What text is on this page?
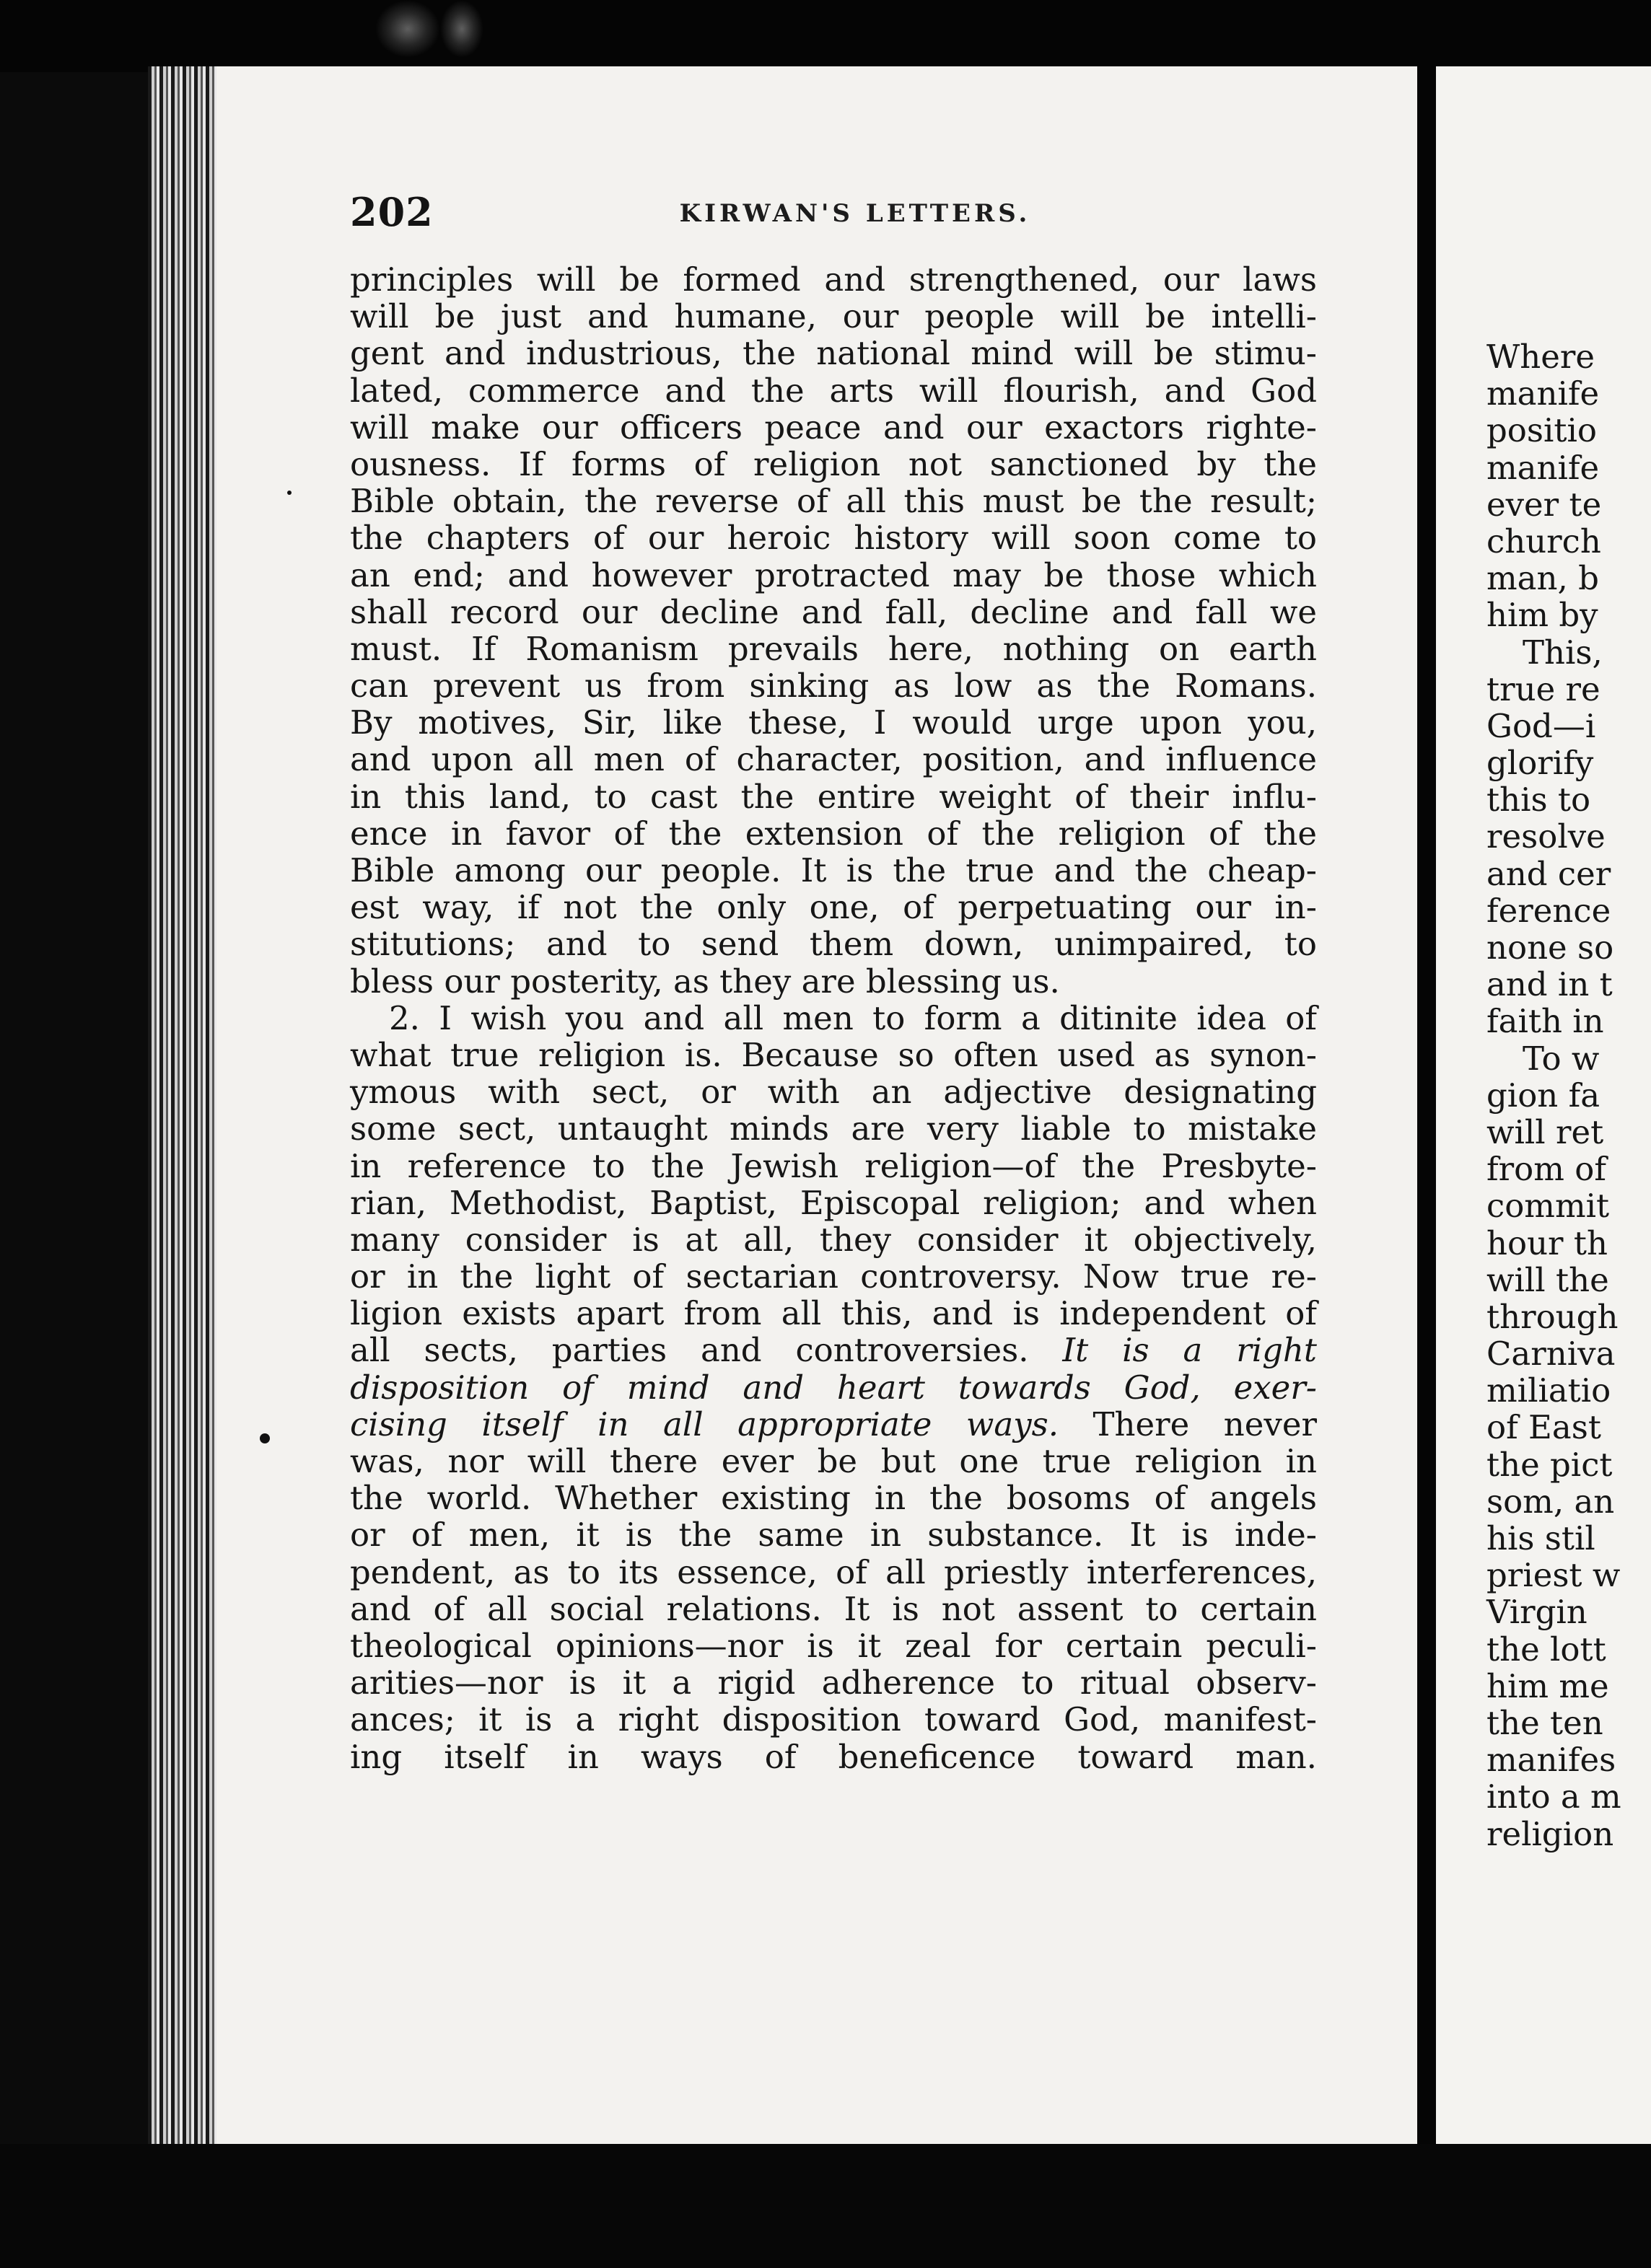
Where
manife
positio
manife
ever te
church
man, b
him by
This,
true re
God—i
glorify
this to
resolve
and cer
ference
none so
and in t
faith in
To w
gion fa
will ret
from of
commit
hour th
will the
through
Carniva
miliatio
of East
the pict
som, an
his stil
priest w
Virgin
the lott
him me
the ten
manifes
into a m
religion
202	KIRWAN'S LETTERS.
principles will be formed and strengthened, our laws
will be just and humane, our people will be intelli-
gent and industrious, the national mind will be stimu-
lated, commerce and the arts will flourish, and God
will make our officers peace and our exactors righte-
ousness. If forms of religion not sanctioned by the
Bible obtain, the reverse of all this must be the result;
the chapters of our heroic history will soon come to
an end; and however protracted may be those which
shall record our decline and fall, decline and fall we
must. If Romanism prevails here, nothing on earth
can prevent us from sinking as low as the Romans.
By motives, Sir, like these, I would urge upon you,
and upon all men of character, position, and influence
in this land, to cast the entire weight of their influ-
ence in favor of the extension of the religion of the
Bible among our people. It is the true and the cheap-
est way, if not the only one, of perpetuating our in-
stitutions; and to send them down, unimpaired, to
bless our posterity, as they are blessing us.
2. I wish you and all men to form a ditinite idea of
what true religion is. Because so often used as synon-
ymous with sect, or with an adjective designating
some sect, untaught minds are very liable to mistake
in reference to the Jewish religion—of the Presbyte-
rian, Methodist, Baptist, Episcopal religion; and when
many consider is at all, they consider it objectively,
or in the light of sectarian controversy. Now true re-
ligion exists apart from all this, and is independent of
all sects, parties and controversies. It is a right
disposition of mind and heart towards God, exer-
cising itself in all appropriate ways. There never
was, nor will there ever be but one true religion in
the world. Whether existing in the bosoms of angels
or of men, it is the same in substance. It is inde-
pendent, as to its essence, of all priestly interferences,
and of all social relations. It is not assent to certain
theological opinions—nor is it zeal for certain peculi-
arities—nor is it a rigid adherence to ritual observ-
ances; it is a right disposition toward God, manifest-
ing itself in ways of beneficence toward man.
